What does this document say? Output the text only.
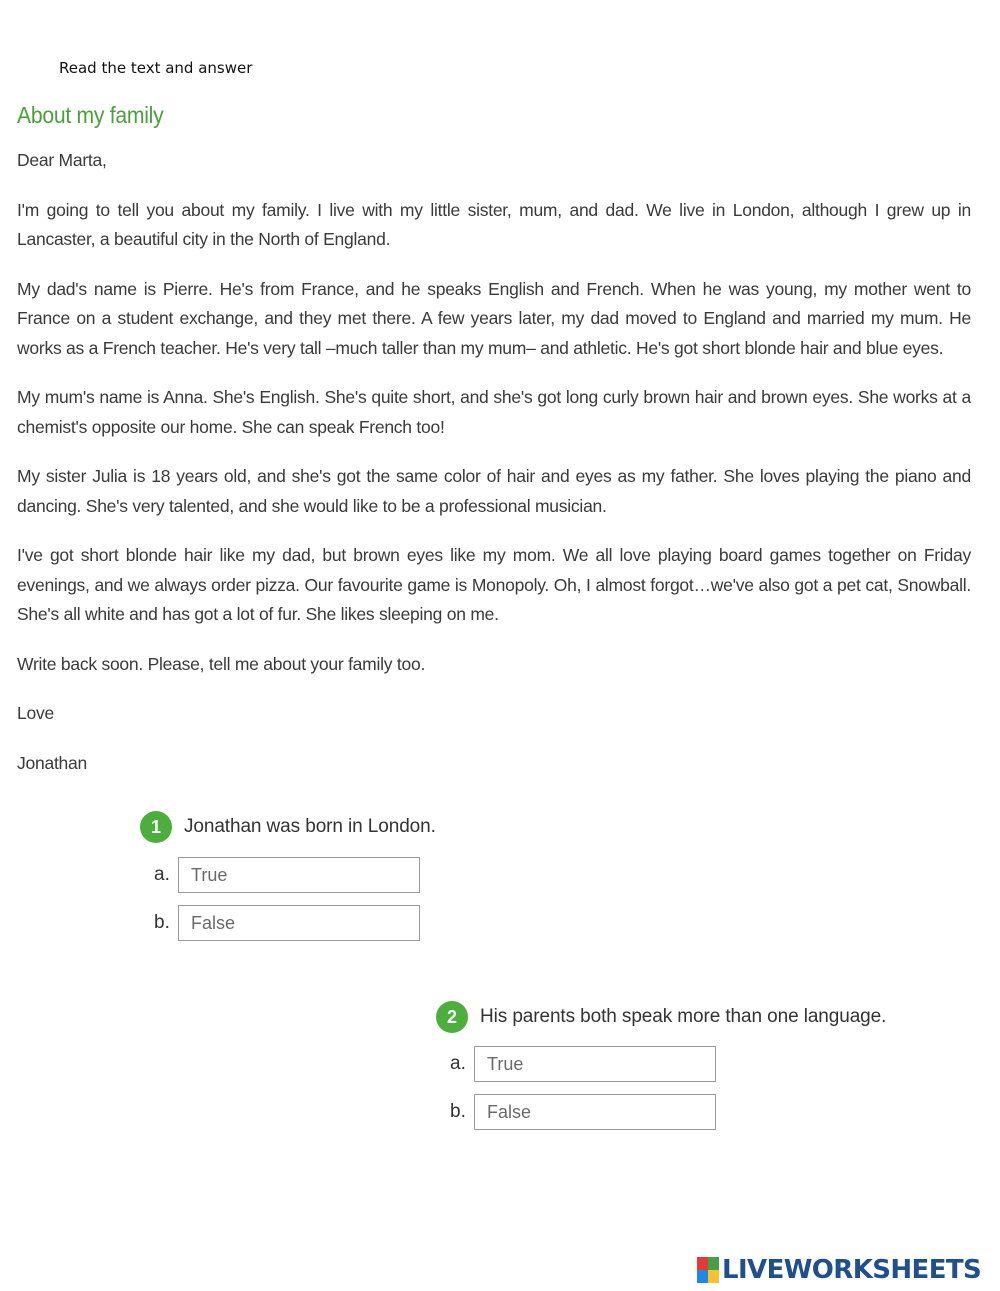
Read the text and answer
About my family

Dear Marta,

I'm going to tell you about my family. I live with my little sister, mum, and dad. We live in London, although I grew up in Lancaster, a beautiful city in the North of England.

My dad's name is Pierre. He's from France, and he speaks English and French. When he was young, my mother went to France on a student exchange, and they met there. A few years later, my dad moved to England and married my mum. He works as a French teacher. He's very tall –much taller than my mum– and athletic. He's got short blonde hair and blue eyes.

My mum's name is Anna. She's English. She's quite short, and she's got long curly brown hair and brown eyes. She works at a chemist's opposite our home. She can speak French too!

My sister Julia is 18 years old, and she's got the same color of hair and eyes as my father. She loves playing the piano and dancing. She's very talented, and she would like to be a professional musician.

I've got short blonde hair like my dad, but brown eyes like my mom. We all love playing board games together on Friday evenings, and we always order pizza. Our favourite game is Monopoly. Oh, I almost forgot…we've also got a pet cat, Snowball. She's all white and has got a lot of fur. She likes sleeping on me.

Write back soon. Please, tell me about your family too.

Love

Jonathan

1	Jonathan was born in London.
a.	True
b.	False
2	His parents both speak more than one language.
a.	True
b.	False
LIVEWORKSHEETS
